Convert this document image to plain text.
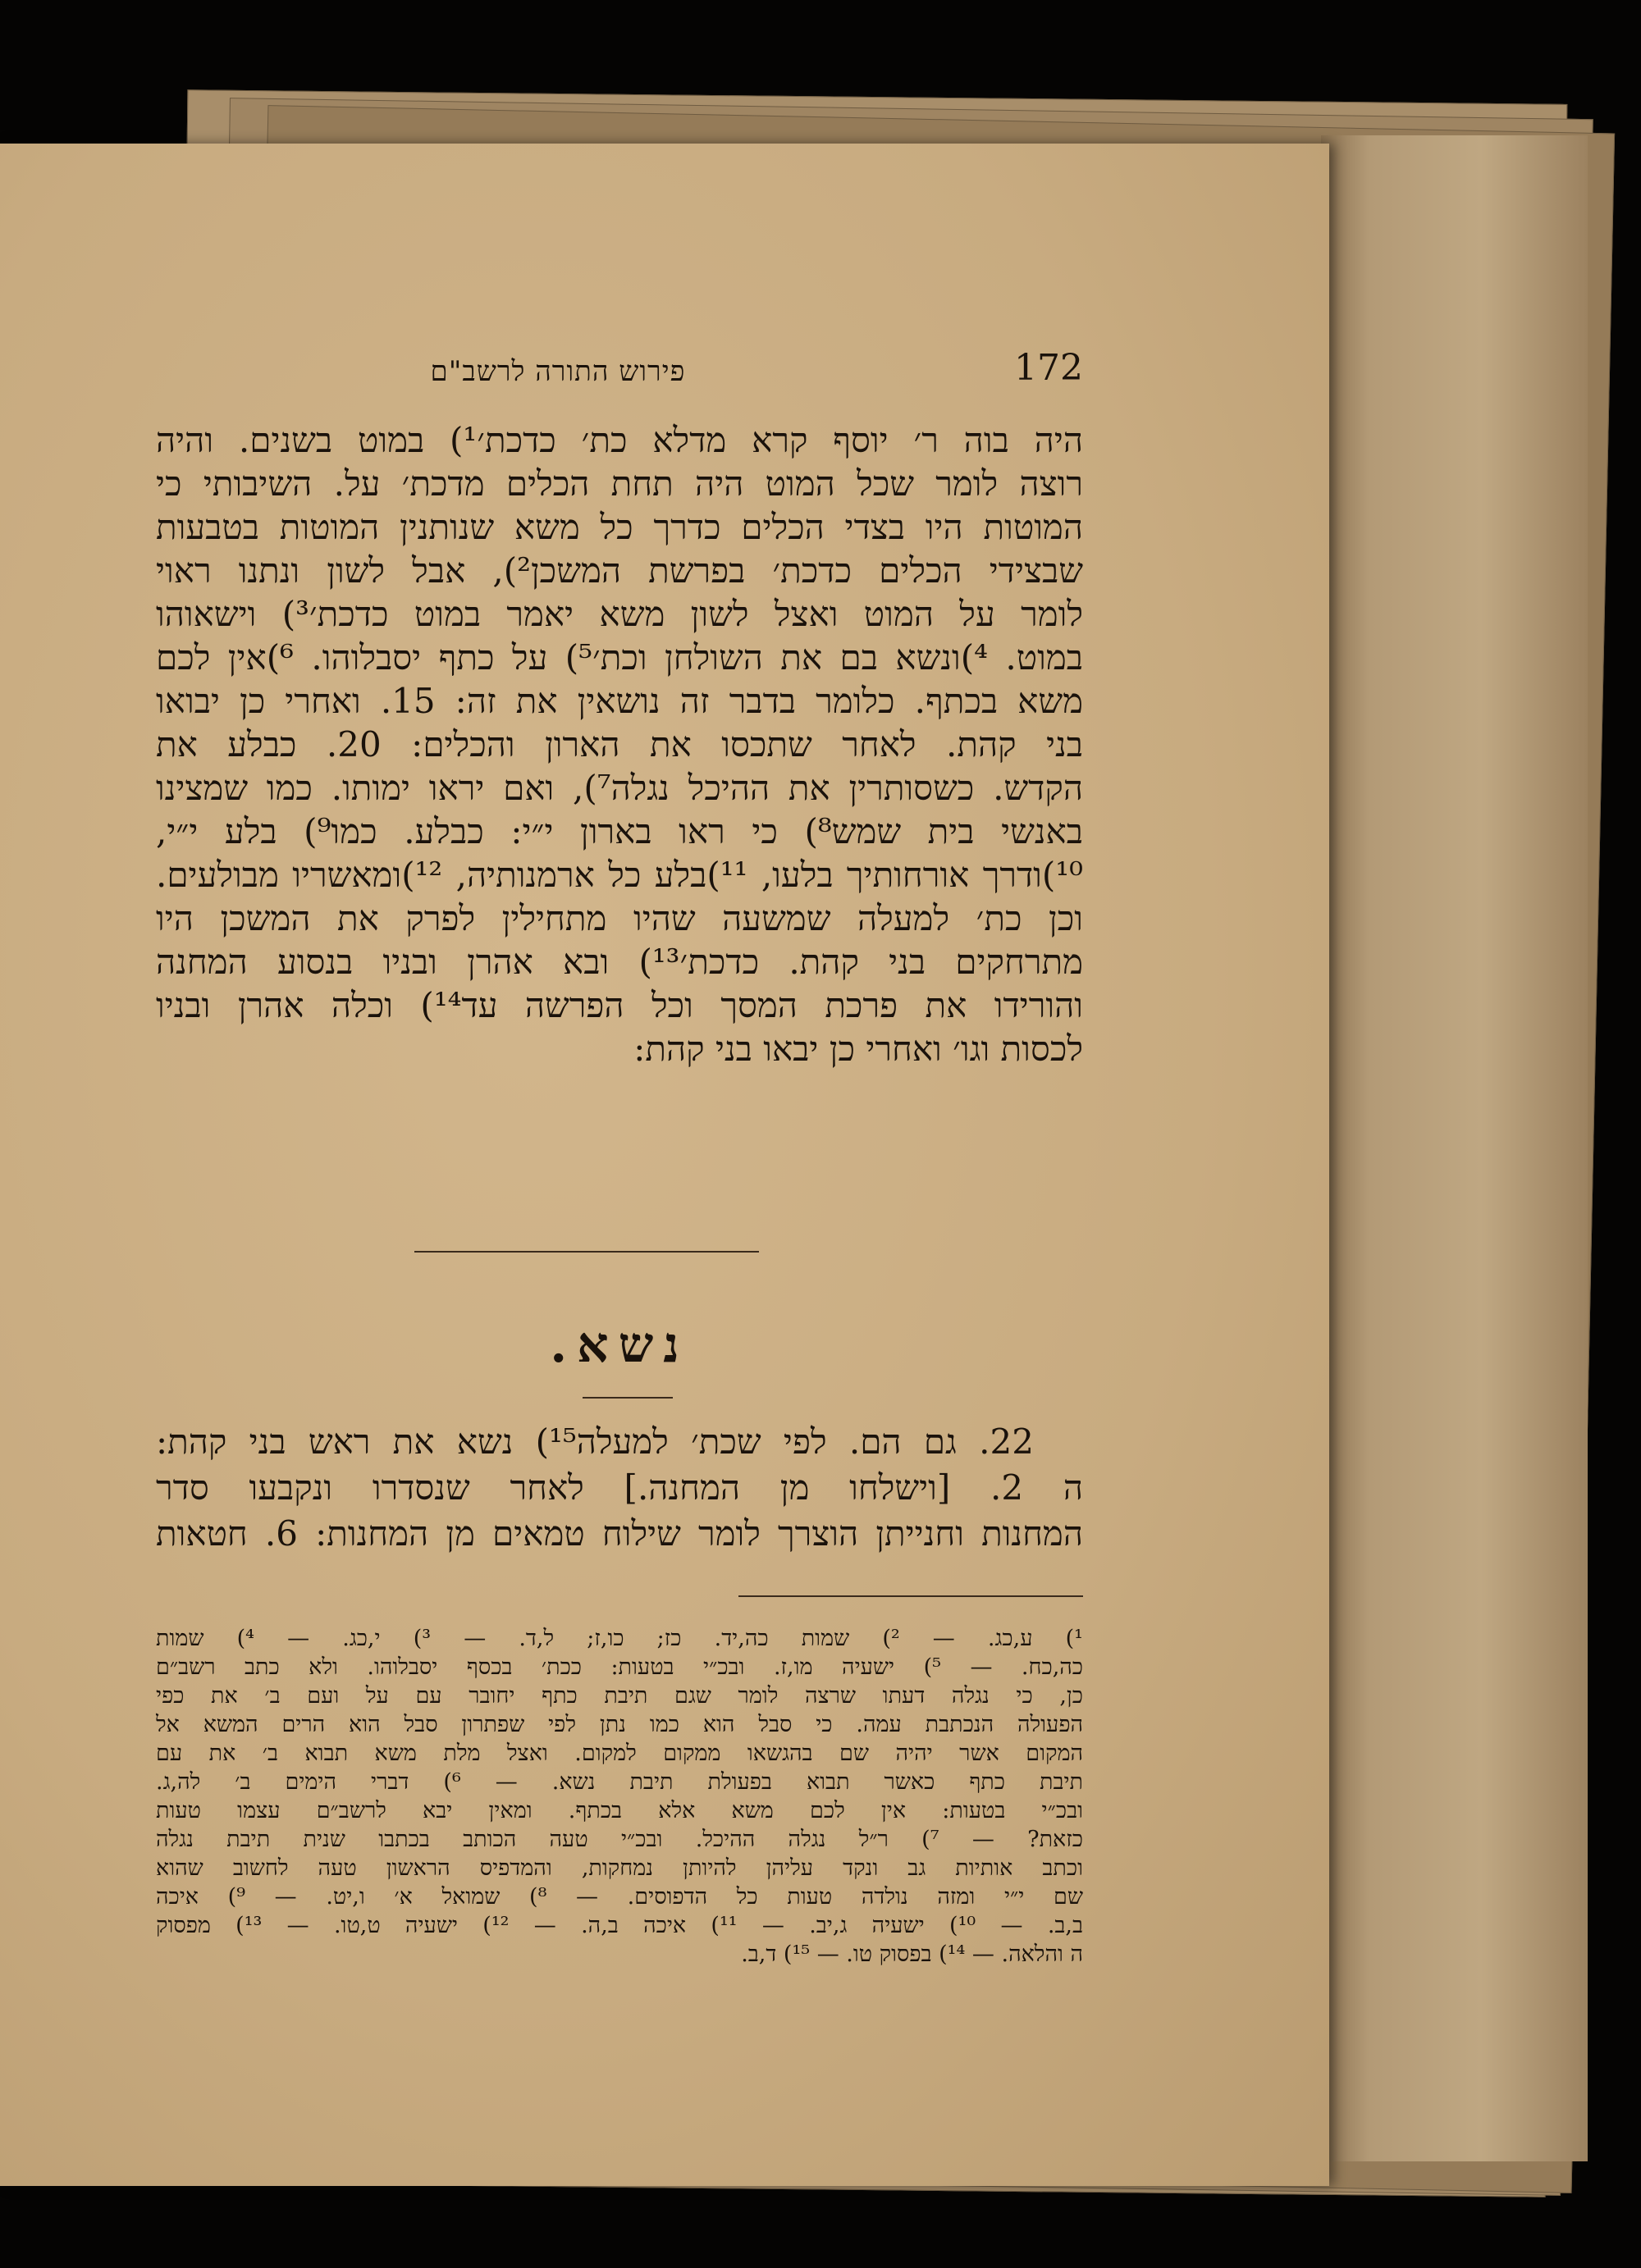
פירוש התורה לרשב"ם	172
היה בוה ר׳ יוסף קרא מדלא כת׳ כדכת׳¹) במוט בשנים. והיה
רוצה לומר שכל המוט היה תחת הכלים מדכת׳ על. השיבותי כי
המוטות היו בצדי הכלים כדרך כל משא שנותנין המוטות בטבעות
שבצידי הכלים כדכת׳ בפרשת המשכן²), אבל לשון ונתנו ראוי
לומר על המוט ואצל לשון משא יאמר במוט כדכת׳³) וישאוהו
במוט. ⁴)ונשא בם את השולחן וכת׳⁵) על כתף יסבלוהו. ⁶)אין לכם
משא בכתף. כלומר בדבר זה נושאין את זה: 15. ואחרי כן יבואו
בני קהת. לאחר שתכסו את הארון והכלים: 20. כבלע את
הקדש. כשסותרין את ההיכל נגלה⁷), ואם יראו ימותו. כמו שמצינו
באנשי בית שמש⁸) כי ראו בארון י״י: כבלע. כמו⁹) בלע י״י,
¹⁰)ודרך אורחותיך בלעו, ¹¹)בלע כל ארמנותיה, ¹²)ומאשריו מבולעים.
וכן כת׳ למעלה שמשעה שהיו מתחילין לפרק את המשכן היו
מתרחקים בני קהת. כדכת׳¹³) ובא אהרן ובניו בנסוע המחנה
והורידו את פרכת המסך וכל הפרשה עד¹⁴) וכלה אהרן ובניו
לכסות וגו׳ ואחרי כן יבאו בני קהת:
נשא.
22. גם הם. לפי שכת׳ למעלה¹⁵) נשא את ראש בני קהת:
ה 2. [וישלחו מן המחנה.] לאחר שנסדרו ונקבעו סדר
המחנות וחנייתן הוצרך לומר שילוח טמאים מן המחנות: 6. חטאות
¹) ע,כג. — ²) שמות כה,יד. כז; כו,ז; ל,ד. — ³) י,כג. — ⁴) שמות
כה,כח. — ⁵) ישעיה מו,ז. ובכ״י בטעות: ככת׳ בכסף יסבלוהו. ולא כתב רשב״ם
כן, כי נגלה דעתו שרצה לומר שגם תיבת כתף יחובר עם על ועם ב׳ את כפי
הפעולה הנכתבת עמה. כי סבל הוא כמו נתן לפי שפתרון סבל הוא הרים המשא אל
המקום אשר יהיה שם בהגשאו ממקום למקום. ואצל מלת משא תבוא ב׳ את עם
תיבת כתף כאשר תבוא בפעולת תיבת נשא. — ⁶) דברי הימים ב׳ לה,ג.
ובכ״י בטעות: אין לכם משא אלא בכתף. ומאין יבא לרשב״ם עצמו טעות
כזאת? — ⁷) ר״ל נגלה ההיכל. ובכ״י טעה הכותב בכתבו שנית תיבת נגלה
וכתב אותיות גב ונקד עליהן להיותן נמחקות, והמדפיס הראשון טעה לחשוב שהוא
שם י״י ומזה נולדה טעות כל הדפוסים. — ⁸) שמואל א׳ ו,יט. — ⁹) איכה
ב,ב. — ¹⁰) ישעיה ג,יב. — ¹¹) איכה ב,ה. — ¹²) ישעיה ט,טו. — ¹³) מפסוק
ה והלאה. — ¹⁴) בפסוק טו. — ¹⁵) ד,ב.
